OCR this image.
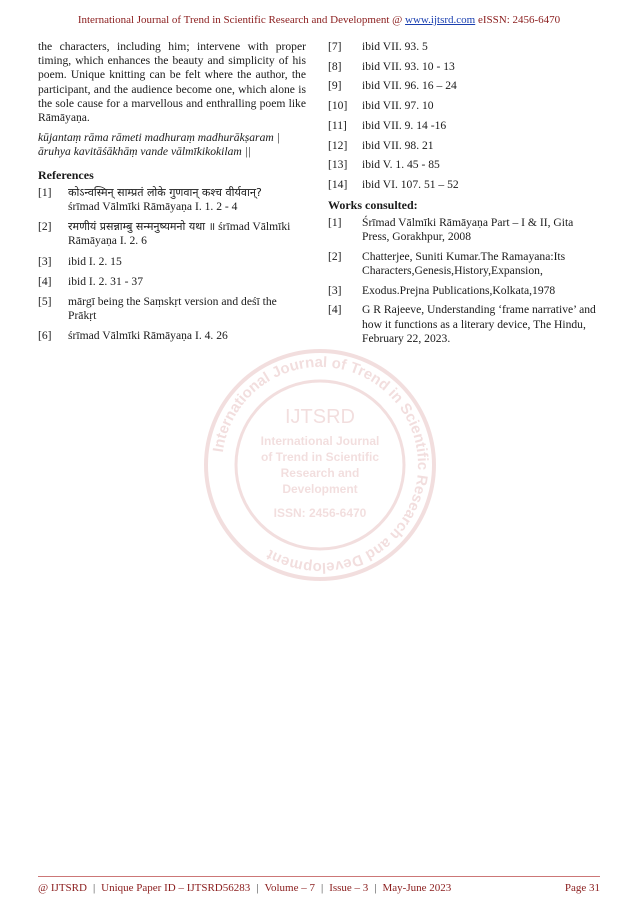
International Journal of Trend in Scientific Research and Development @ www.ijtsrd.com eISSN: 2456-6470
International Journal of Trend in Scientific Research and Development
IJTSRD
International Journal
of Trend in Scientific
Research and
Development
ISSN: 2456-6470

the characters, including him; intervene with proper timing, which enhances the beauty and simplicity of his poem. Unique knitting can be felt where the author, the participant, and the audience become one, which alone is the sole cause for a marvellous and enthralling poem like Rāmāyaṇa.

kūjantaṃ rāma rāmeti madhuraṃ madhurākṣaram |
āruhya kavitāśākhāṃ vande vālmīkikokilam ||

References
[1]	कोऽन्वस्मिन् साम्प्रतं लोके गुणवान् कश्च वीर्यवान्?
śrīmad Vālmīki Rāmāyaṇa I. 1. 2 - 4
[2]	रमणीयं प्रसन्नाम्बु सन्मनुष्यमनो यथा ॥ śrīmad Vālmīki Rāmāyaṇa I. 2. 6
[3]	ibid I. 2. 15
[4]	ibid I. 2. 31 - 37
[5]	mārgī being the Saṃskṛt version and deśī the Prākṛt
[6]	śrīmad Vālmīki Rāmāyaṇa I. 4. 26
[7]	ibid VII. 93. 5
[8]	ibid VII. 93. 10 - 13
[9]	ibid VII. 96. 16 – 24
[10]	ibid VII. 97. 10
[11]	ibid VII. 9. 14 -16
[12]	ibid VII. 98. 21
[13]	ibid V. 1. 45 - 85
[14]	ibid VI. 107. 51 – 52
Works consulted:
[1]	Śrīmad Vālmīki Rāmāyaṇa Part – I & II, Gita Press, Gorakhpur, 2008
[2]	Chatterjee, Suniti Kumar.The Ramayana:Its Characters,Genesis,History,Expansion,
[3]	Exodus.Prejna Publications,Kolkata,1978
[4]	G R Rajeeve, Understanding ‘frame narrative’ and how it functions as a literary device, The Hindu, February 22, 2023.
@ IJTSRD | Unique Paper ID – IJTSRD56283 | Volume – 7 | Issue – 3 | May-June 2023	Page 31
